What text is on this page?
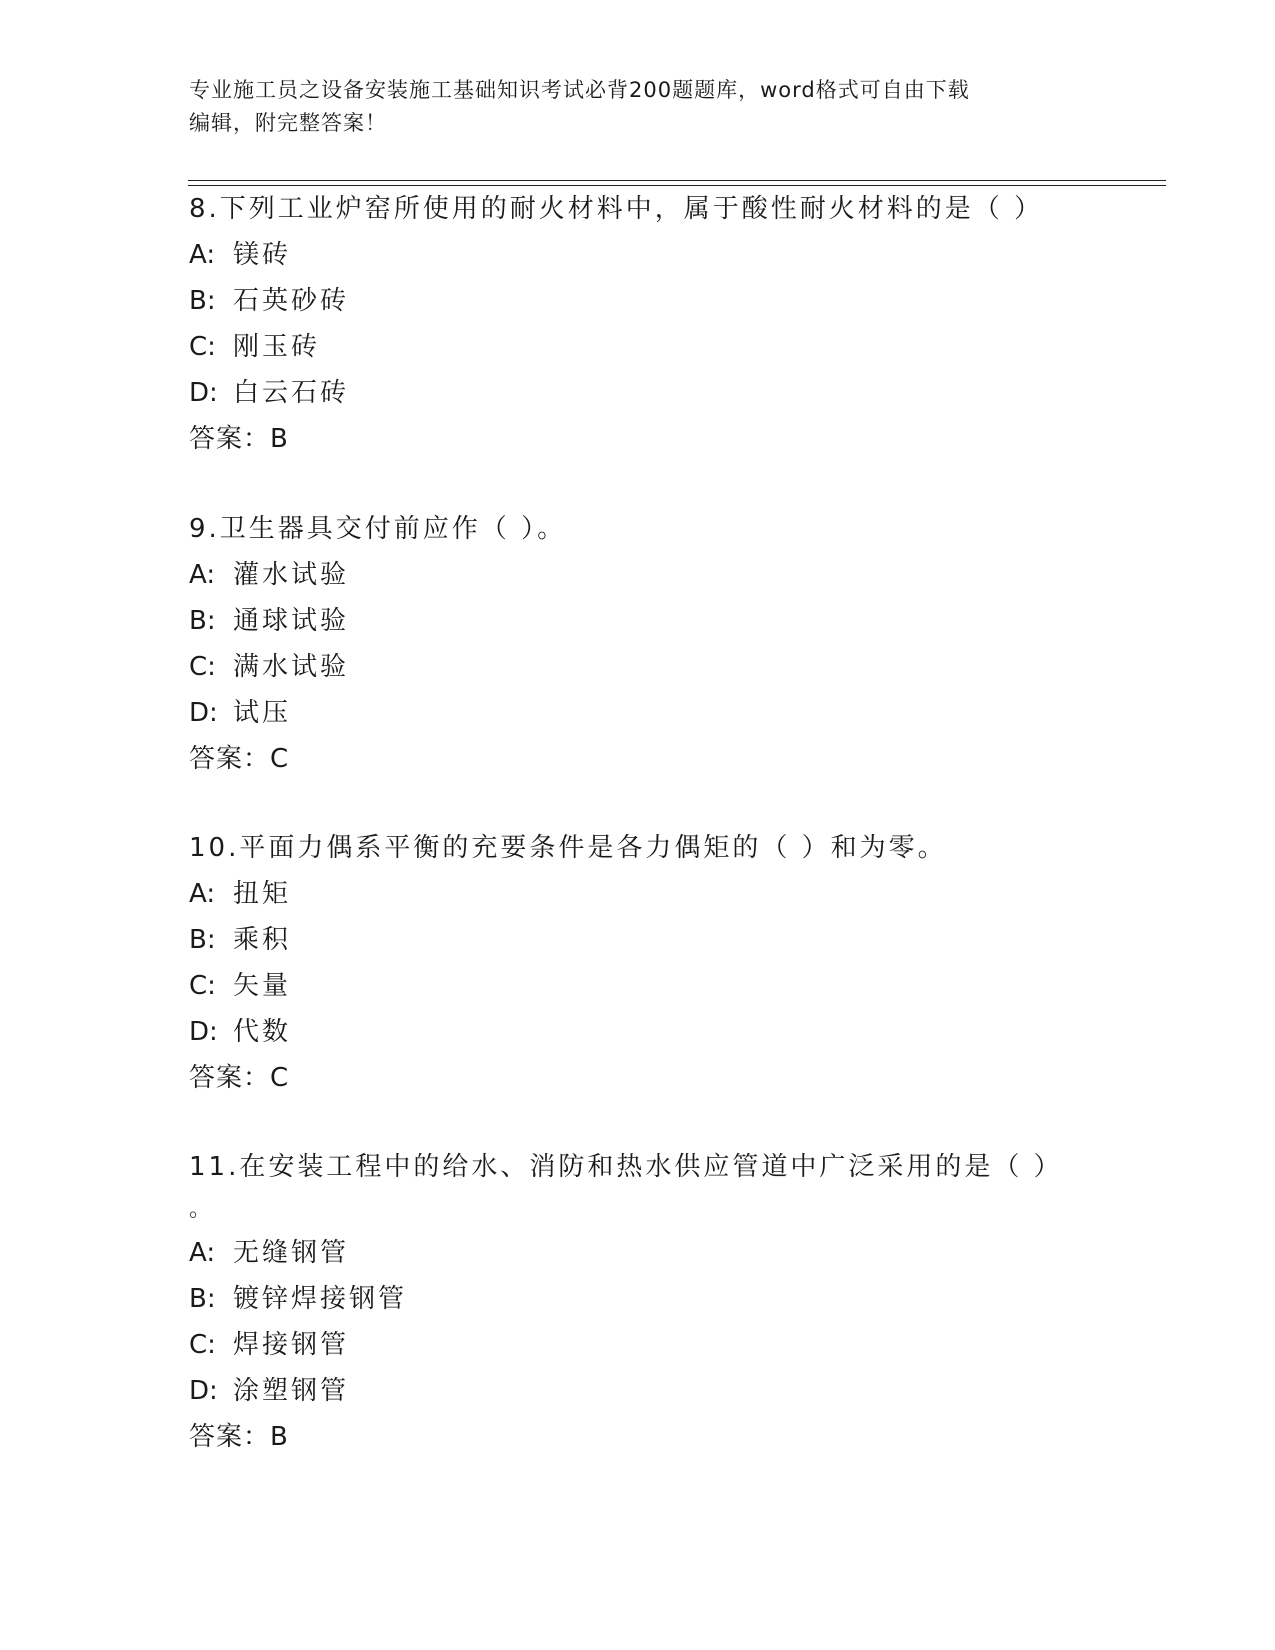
专业施工员之设备安装施工基础知识考试必背200题题库，word格式可自由下载
编辑，附完整答案！
8.下列工业炉窑所使用的耐火材料中，属于酸性耐火材料的是（ ）
A: 镁砖
B: 石英砂砖
C: 刚玉砖
D: 白云石砖
答案：B
9.卫生器具交付前应作（ ）。
A: 灌水试验
B: 通球试验
C: 满水试验
D: 试压
答案：C
10.平面力偶系平衡的充要条件是各力偶矩的（ ）和为零。
A: 扭矩
B: 乘积
C: 矢量
D: 代数
答案：C
11.在安装工程中的给水、消防和热水供应管道中广泛采用的是（ ）
。
A: 无缝钢管
B: 镀锌焊接钢管
C: 焊接钢管
D: 涂塑钢管
答案：B
